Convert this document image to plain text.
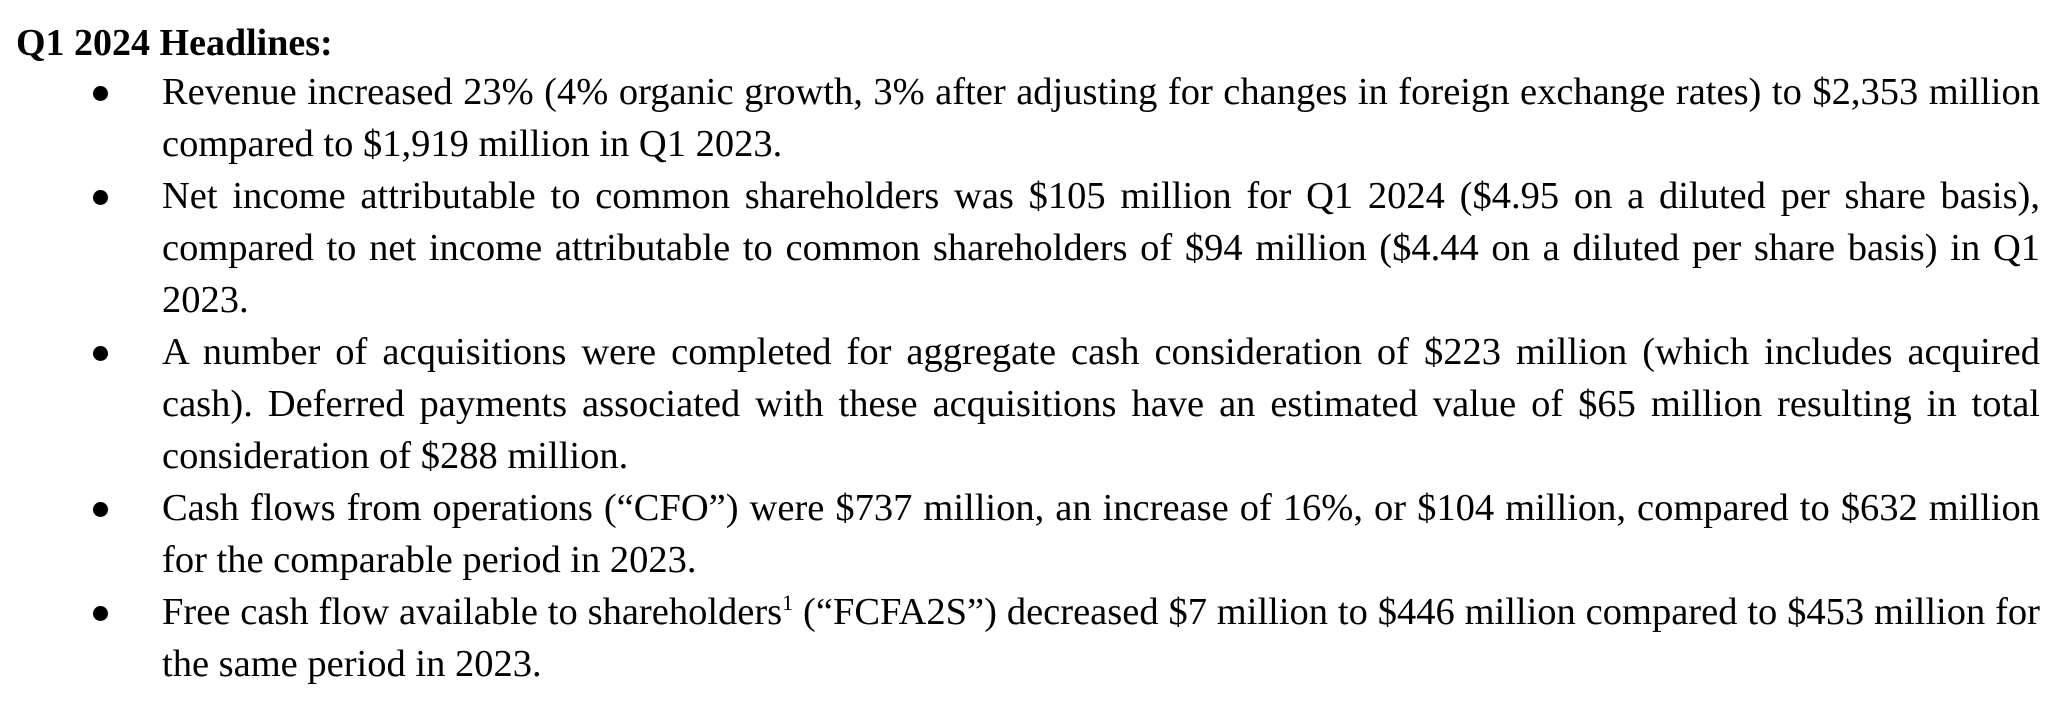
Q1 2024 Headlines:
Revenue increased 23% (4% organic growth, 3% after adjusting for changes in foreign exchange rates) to $2,353 million compared to $1,919 million in Q1 2023.
Net income attributable to common shareholders was $105 million for Q1 2024 ($4.95 on a diluted per share basis), compared to net income attributable to common shareholders of $94 million ($4.44 on a diluted per share basis) in Q1 2023.
A number of acquisitions were completed for aggregate cash consideration of $223 million (which includes acquired cash). Deferred payments associated with these acquisitions have an estimated value of $65 million resulting in total consideration of $288 million.
Cash flows from operations (“CFO”) were $737 million, an increase of 16%, or $104 million, compared to $632 million for the comparable period in 2023.
Free cash flow available to shareholders$^1$ (“FCFA2S”) decreased $7 million to $446 million compared to $453 million for the same period in 2023.
